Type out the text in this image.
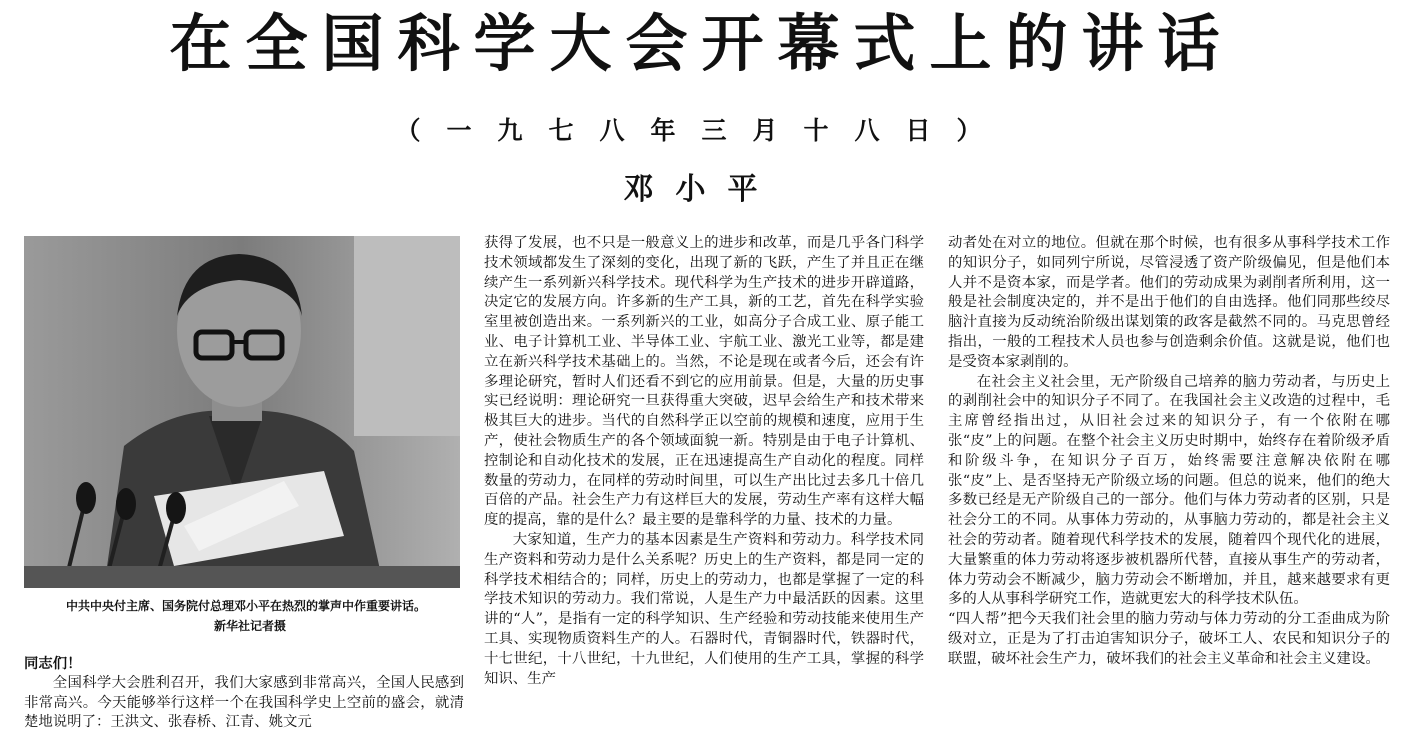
在全国科学大会开幕式上的讲话
（一九七八年三月十八日）
邓小平
中共中央付主席、国务院付总理邓小平在热烈的掌声中作重要讲话。新华社记者摄

同志们！

全国科学大会胜利召开，我们大家感到非常高兴，全国人民感到非常高兴。今天能够举行这样一个在我国科学史上空前的盛会，就清楚地说明了：王洪文、张春桥、江青、姚文元

获得了发展，也不只是一般意义上的进步和改革，而是几乎各门科学技术领域都发生了深刻的变化，出现了新的飞跃，产生了并且正在继续产生一系列新兴科学技术。现代科学为生产技术的进步开辟道路，决定它的发展方向。许多新的生产工具，新的工艺，首先在科学实验室里被创造出来。一系列新兴的工业，如高分子合成工业、原子能工业、电子计算机工业、半导体工业、宇航工业、激光工业等，都是建立在新兴科学技术基础上的。当然，不论是现在或者今后，还会有许多理论研究，暂时人们还看不到它的应用前景。但是，大量的历史事实已经说明：理论研究一旦获得重大突破，迟早会给生产和技术带来极其巨大的进步。当代的自然科学正以空前的规模和速度，应用于生产，使社会物质生产的各个领域面貌一新。特别是由于电子计算机、控制论和自动化技术的发展，正在迅速提高生产自动化的程度。同样数量的劳动力，在同样的劳动时间里，可以生产出比过去多几十倍几百倍的产品。社会生产力有这样巨大的发展，劳动生产率有这样大幅度的提高，靠的是什么？最主要的是靠科学的力量、技术的力量。

大家知道，生产力的基本因素是生产资料和劳动力。科学技术同生产资料和劳动力是什么关系呢？历史上的生产资料，都是同一定的科学技术相结合的；同样，历史上的劳动力，也都是掌握了一定的科学技术知识的劳动力。我们常说，人是生产力中最活跃的因素。这里讲的“人”，是指有一定的科学知识、生产经验和劳动技能来使用生产工具、实现物质资料生产的人。石器时代，青铜器时代，铁器时代，十七世纪，十八世纪，十九世纪，人们使用的生产工具，掌握的科学知识、生产

动者处在对立的地位。但就在那个时候，也有很多从事科学技术工作的知识分子，如同列宁所说，尽管浸透了资产阶级偏见，但是他们本人并不是资本家，而是学者。他们的劳动成果为剥削者所利用，这一般是社会制度决定的，并不是出于他们的自由选择。他们同那些绞尽脑汁直接为反动统治阶级出谋划策的政客是截然不同的。马克思曾经指出，一般的工程技术人员也参与创造剩余价值。这就是说，他们也是受资本家剥削的。

在社会主义社会里，无产阶级自己培养的脑力劳动者，与历史上的剥削社会中的知识分子不同了。在我国社会主义改造的过程中，毛主席曾经指出过，从旧社会过来的知识分子，有一个依附在哪张“皮”上的问题。在整个社会主义历史时期中，始终存在着阶级矛盾和阶级斗争，在知识分子百万，始终需要注意解决依附在哪张“皮”上、是否坚持无产阶级立场的问题。但总的说来，他们的绝大多数已经是无产阶级自己的一部分。他们与体力劳动者的区别，只是社会分工的不同。从事体力劳动的，从事脑力劳动的，都是社会主义社会的劳动者。随着现代科学技术的发展，随着四个现代化的进展，大量繁重的体力劳动将逐步被机器所代替，直接从事生产的劳动者，体力劳动会不断减少，脑力劳动会不断增加，并且，越来越要求有更多的人从事科学研究工作，造就更宏大的科学技术队伍。

“四人帮”把今天我们社会里的脑力劳动与体力劳动的分工歪曲成为阶级对立，正是为了打击迫害知识分子，破坏工人、农民和知识分子的联盟，破坏社会生产力，破坏我们的社会主义革命和社会主义建设。
